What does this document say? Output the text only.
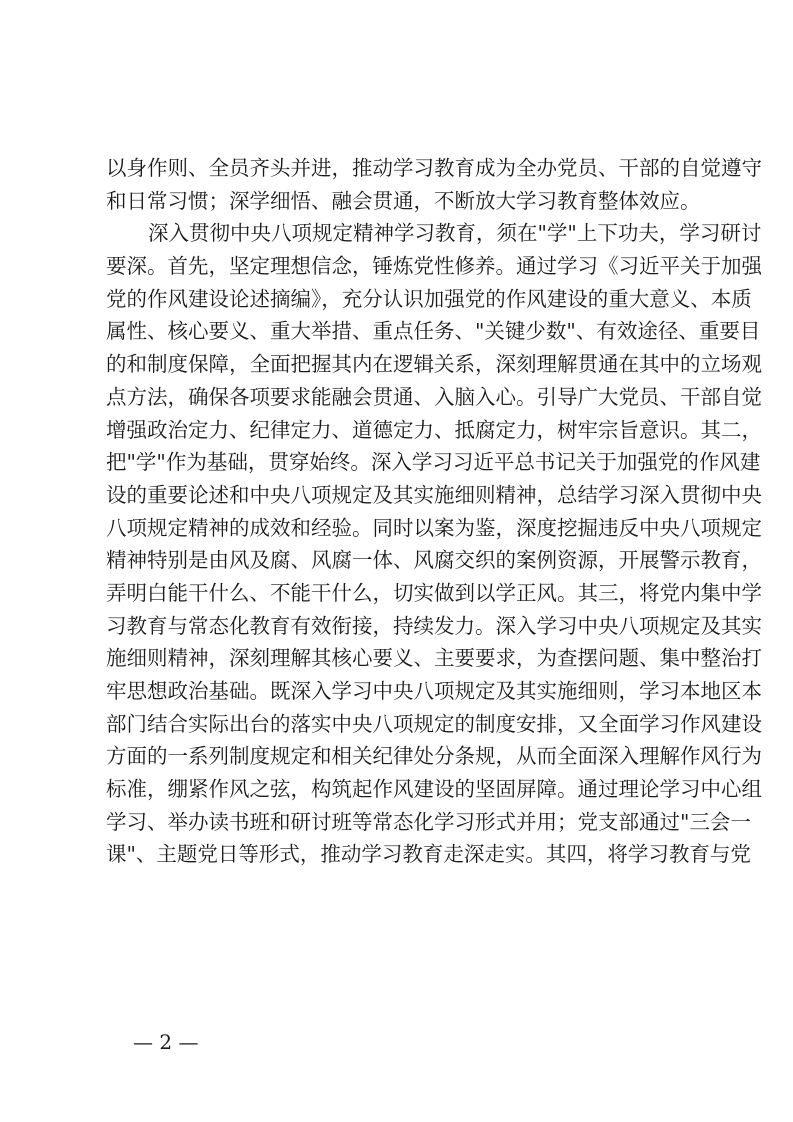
以身作则、全员齐头并进，推动学习教育成为全办党员、干部的自觉遵守
和日常习惯；深学细悟、融会贯通，不断放大学习教育整体效应。
深入贯彻中央八项规定精神学习教育，须在"学"上下功夫，学习研讨
要深。首先，坚定理想信念，锤炼党性修养。通过学习《习近平关于加强
党的作风建设论述摘编》，充分认识加强党的作风建设的重大意义、本质
属性、核心要义、重大举措、重点任务、"关键少数"、有效途径、重要目
的和制度保障，全面把握其内在逻辑关系，深刻理解贯通在其中的立场观
点方法，确保各项要求能融会贯通、入脑入心。引导广大党员、干部自觉
增强政治定力、纪律定力、道德定力、抵腐定力，树牢宗旨意识。其二，
把"学"作为基础，贯穿始终。深入学习习近平总书记关于加强党的作风建
设的重要论述和中央八项规定及其实施细则精神，总结学习深入贯彻中央
八项规定精神的成效和经验。同时以案为鉴，深度挖掘违反中央八项规定
精神特别是由风及腐、风腐一体、风腐交织的案例资源，开展警示教育，
弄明白能干什么、不能干什么，切实做到以学正风。其三，将党内集中学
习教育与常态化教育有效衔接，持续发力。深入学习中央八项规定及其实
施细则精神，深刻理解其核心要义、主要要求，为查摆问题、集中整治打
牢思想政治基础。既深入学习中央八项规定及其实施细则，学习本地区本
部门结合实际出台的落实中央八项规定的制度安排，又全面学习作风建设
方面的一系列制度规定和相关纪律处分条规，从而全面深入理解作风行为
标准，绷紧作风之弦，构筑起作风建设的坚固屏障。通过理论学习中心组
学习、举办读书班和研讨班等常态化学习形式并用；党支部通过"三会一
课"、主题党日等形式，推动学习教育走深走实。其四，将学习教育与党
— 2 —
